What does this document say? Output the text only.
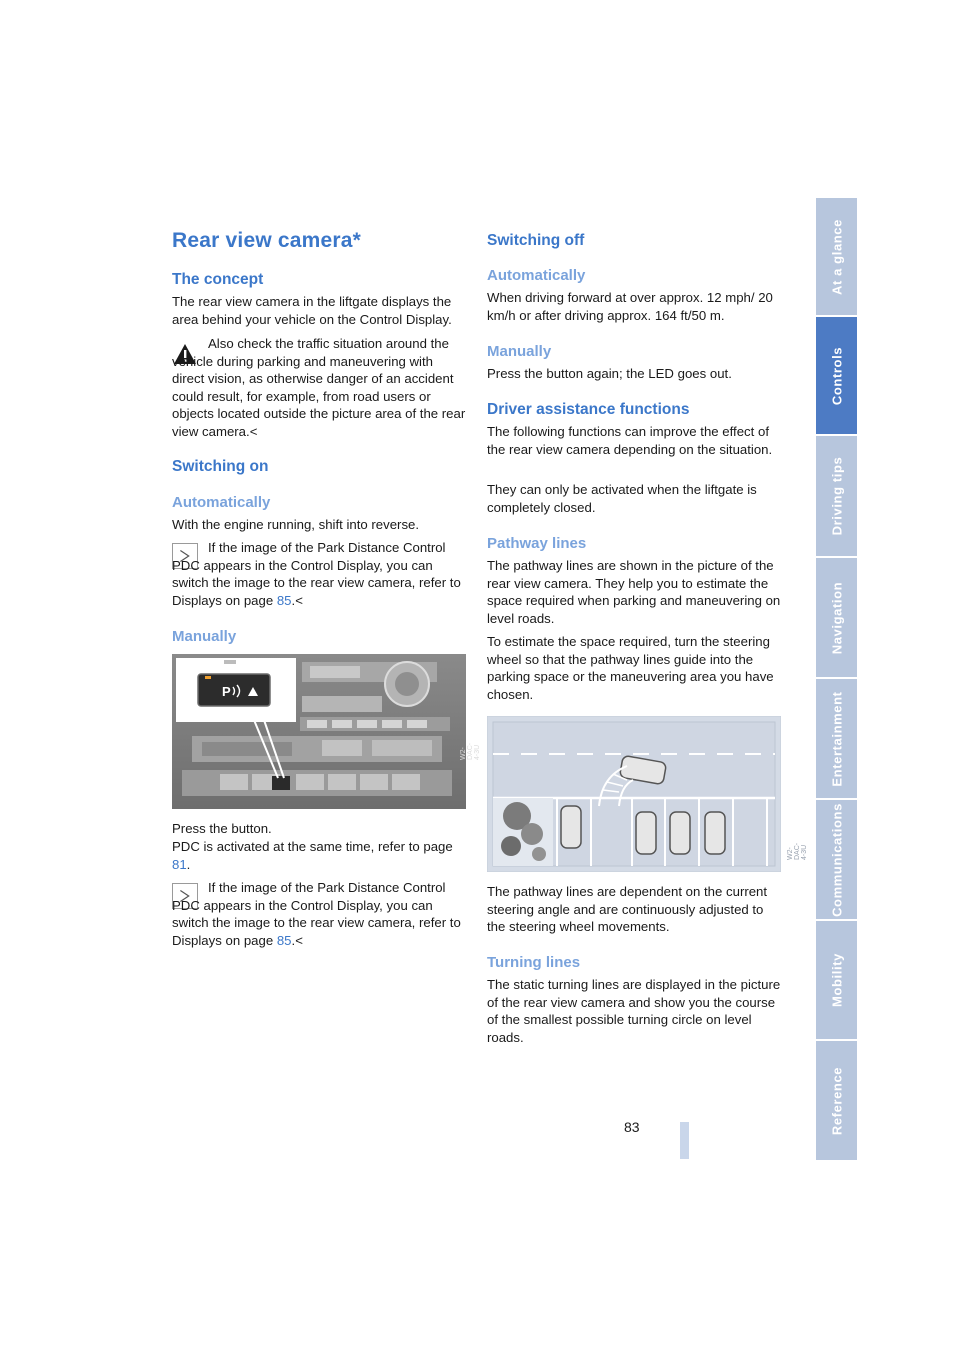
Rear view camera*
The concept

The rear view camera in the liftgate displays the area behind your vehicle on the Control Display.

Also check the traffic situation around the vehicle during parking and maneuvering with direct vision, as otherwise danger of an accident could result, for example, from road users or objects located outside the picture area of the rear view camera.<

Switching on
Automatically

With the engine running, shift into reverse.

If the image of the Park Distance Control PDC appears in the Control Display, you can switch the image to the rear view camera, refer to Displays on page 85.<

Manually
P
W2-DAC-4-3U

Press the button.

PDC is activated at the same time, refer to page 81.

If the image of the Park Distance Control PDC appears in the Control Display, you can switch the image to the rear view camera, refer to Displays on page 85.<

Switching off
Automatically

When driving forward at over approx. 12 mph/ 20 km/h or after driving approx. 164 ft/50 m.

Manually

Press the button again; the LED goes out.

Driver assistance functions

The following functions can improve the effect of the rear view camera depending on the situation.

They can only be activated when the liftgate is completely closed.

Pathway lines

The pathway lines are shown in the picture of the rear view camera. They help you to estimate the space required when parking and maneuvering on level roads.

To estimate the space required, turn the steering wheel so that the pathway lines guide into the parking space or the maneuvering area you have chosen.

W2-DAC-4-3U

The pathway lines are dependent on the current steering angle and are continuously adjusted to the steering wheel movements.

Turning lines

The static turning lines are displayed in the picture of the rear view camera and show you the course of the smallest possible turning circle on level roads.

At a glance
Controls
Driving tips
Navigation
Entertainment
Communications
Mobility
Reference
83
